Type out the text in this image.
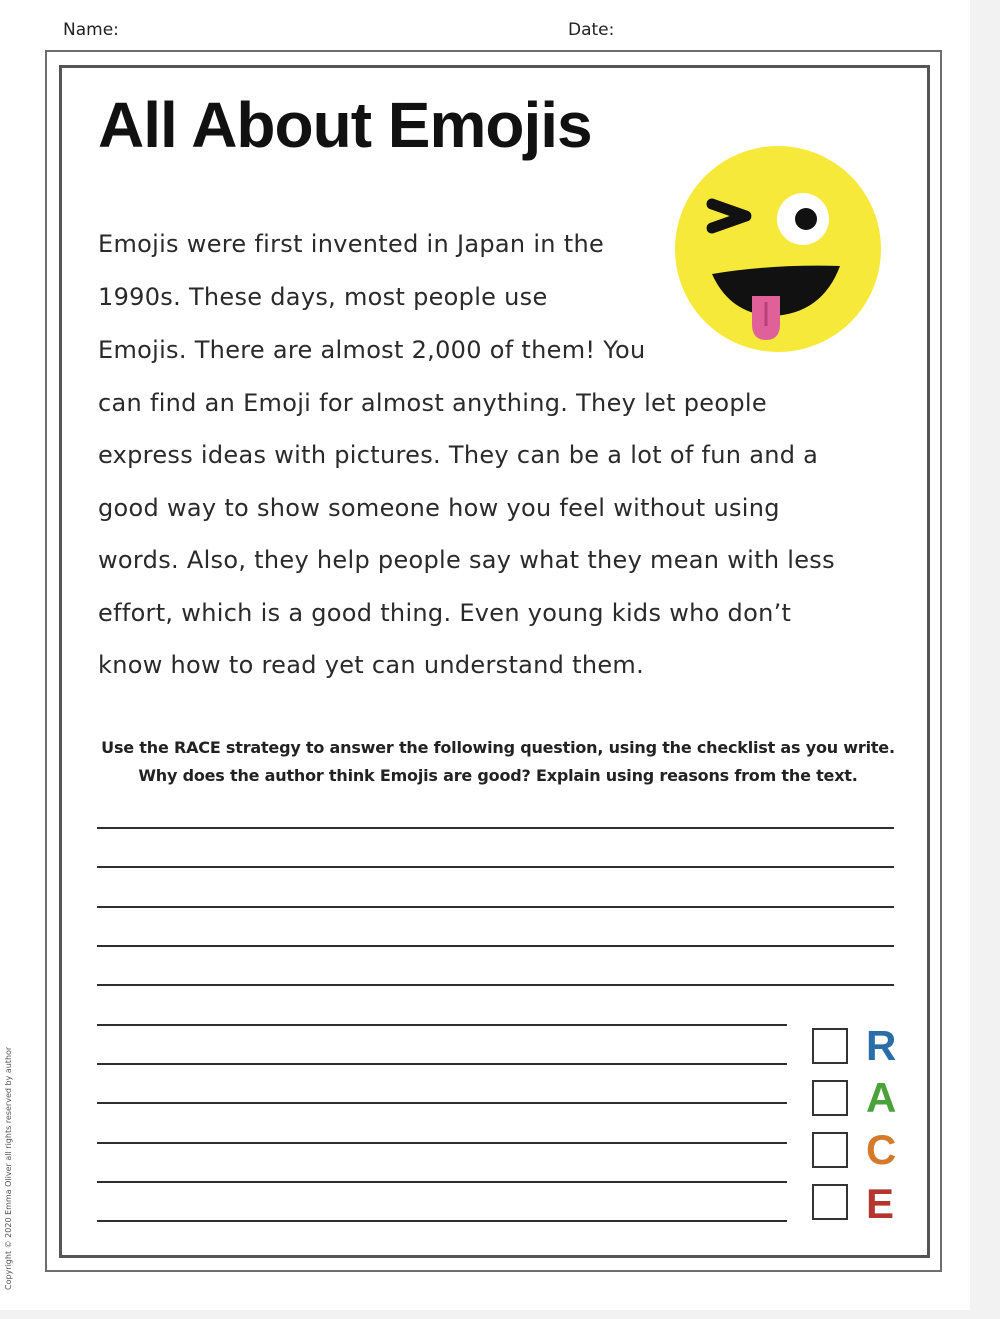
Name:	Date:
All About Emojis
Emojis were first invented in Japan in the
1990s. These days, most people use
Emojis. There are almost 2,000 of them! You
can find an Emoji for almost anything. They let people
express ideas with pictures. They can be a lot of fun and a
good way to show someone how you feel without using
words. Also, they help people say what they mean with less
effort, which is a good thing. Even young kids who don’t
know how to read yet can understand them.
Use the RACE strategy to answer the following question, using the checklist as you write.
Why does the author think Emojis are good? Explain using reasons from the text.
R
A
C
E
Copyright © 2020 Emma Oliver all rights reserved by author
